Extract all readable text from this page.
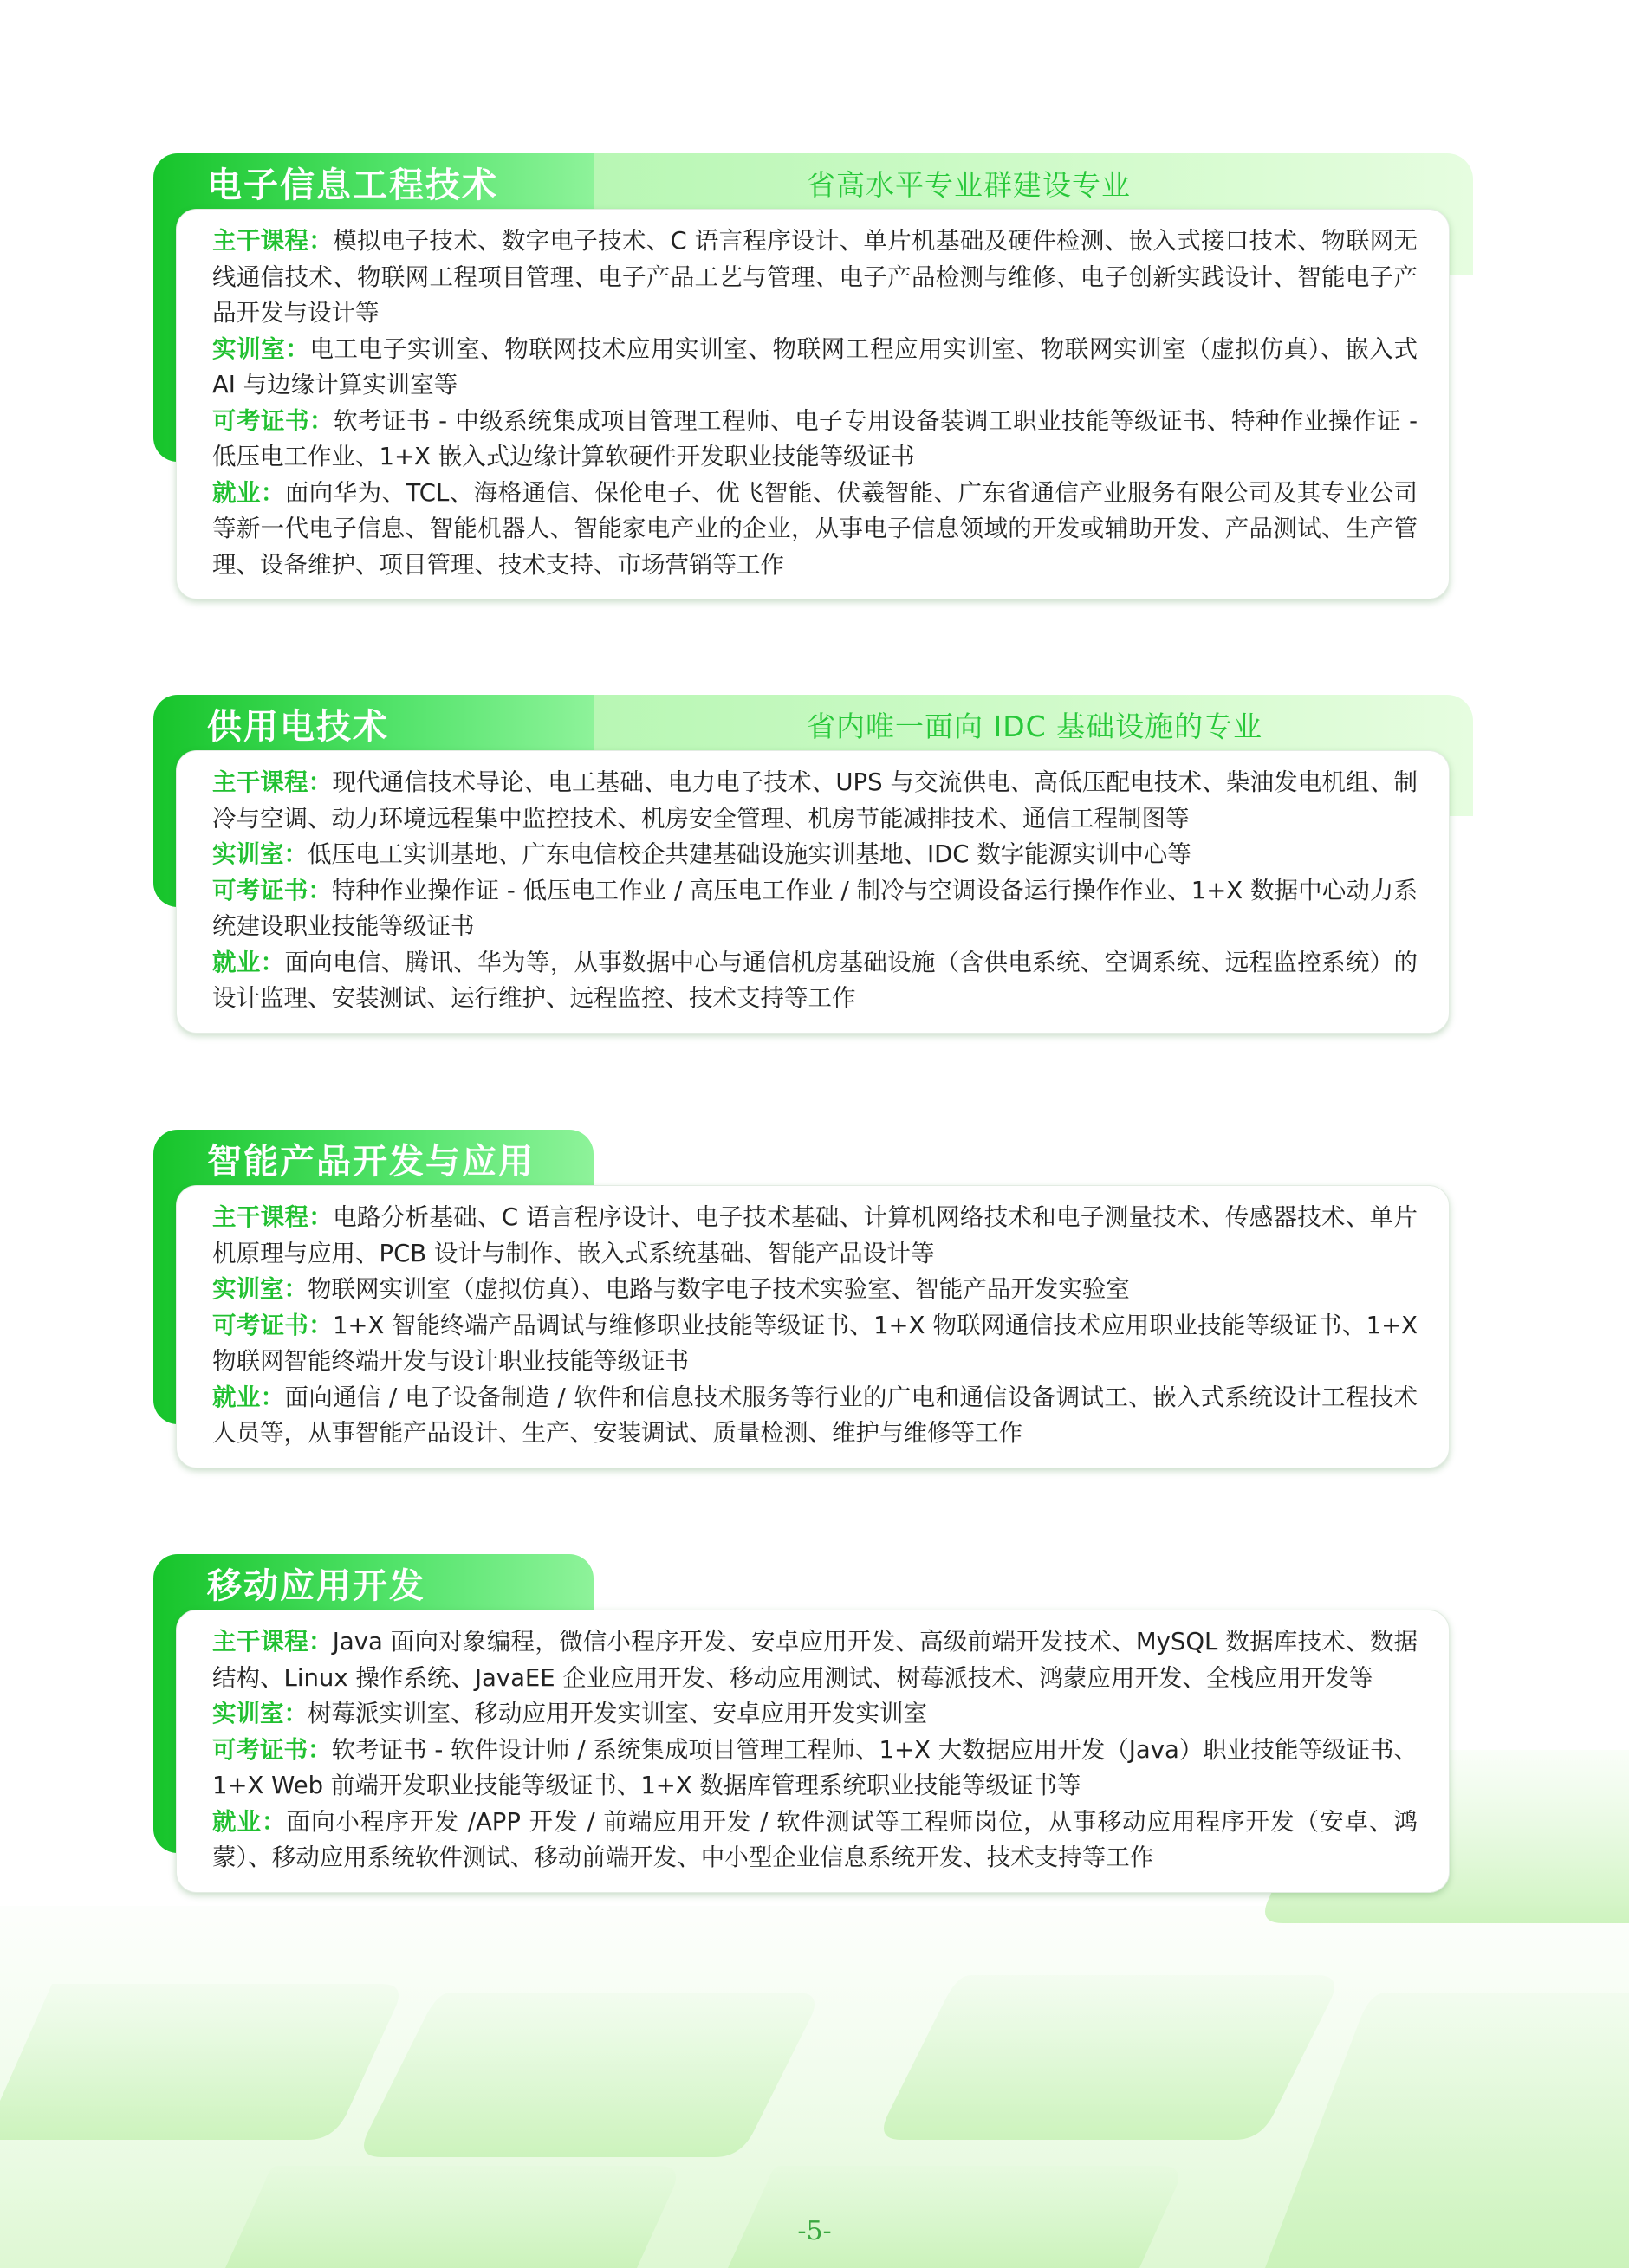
电子信息工程技术	省高水平专业群建设专业

主干课程：模拟电子技术、数字电子技术、C 语言程序设计、单片机基础及硬件检测、嵌入式接口技术、物联网无线通信技术、物联网工程项目管理、电子产品工艺与管理、电子产品检测与维修、电子创新实践设计、智能电子产品开发与设计等

实训室：电工电子实训室、物联网技术应用实训室、物联网工程应用实训室、物联网实训室（虚拟仿真）、嵌入式 AI 与边缘计算实训室等

可考证书：软考证书 - 中级系统集成项目管理工程师、电子专用设备装调工职业技能等级证书、特种作业操作证 - 低压电工作业、1+X 嵌入式边缘计算软硬件开发职业技能等级证书

就业：面向华为、TCL、海格通信、保伦电子、优飞智能、伏羲智能、广东省通信产业服务有限公司及其专业公司等新一代电子信息、智能机器人、智能家电产业的企业，从事电子信息领域的开发或辅助开发、产品测试、生产管理、设备维护、项目管理、技术支持、市场营销等工作

供用电技术	省内唯一面向 IDC 基础设施的专业

主干课程：现代通信技术导论、电工基础、电力电子技术、UPS 与交流供电、高低压配电技术、柴油发电机组、制冷与空调、动力环境远程集中监控技术、机房安全管理、机房节能减排技术、通信工程制图等

实训室：低压电工实训基地、广东电信校企共建基础设施实训基地、IDC 数字能源实训中心等

可考证书：特种作业操作证 - 低压电工作业 / 高压电工作业 / 制冷与空调设备运行操作作业、1+X 数据中心动力系统建设职业技能等级证书

就业：面向电信、腾讯、华为等，从事数据中心与通信机房基础设施（含供电系统、空调系统、远程监控系统）的设计监理、安装测试、运行维护、远程监控、技术支持等工作

智能产品开发与应用

主干课程：电路分析基础、C 语言程序设计、电子技术基础、计算机网络技术和电子测量技术、传感器技术、单片机原理与应用、PCB 设计与制作、嵌入式系统基础、智能产品设计等

实训室：物联网实训室（虚拟仿真）、电路与数字电子技术实验室、智能产品开发实验室

可考证书：1+X 智能终端产品调试与维修职业技能等级证书、1+X 物联网通信技术应用职业技能等级证书、1+X 物联网智能终端开发与设计职业技能等级证书

就业：面向通信 / 电子设备制造 / 软件和信息技术服务等行业的广电和通信设备调试工、嵌入式系统设计工程技术人员等，从事智能产品设计、生产、安装调试、质量检测、维护与维修等工作

移动应用开发

主干课程：Java 面向对象编程，微信小程序开发、安卓应用开发、高级前端开发技术、MySQL 数据库技术、数据结构、Linux 操作系统、JavaEE 企业应用开发、移动应用测试、树莓派技术、鸿蒙应用开发、全栈应用开发等

实训室：树莓派实训室、移动应用开发实训室、安卓应用开发实训室

可考证书：软考证书 - 软件设计师 / 系统集成项目管理工程师、1+X 大数据应用开发（Java）职业技能等级证书、1+X Web 前端开发职业技能等级证书、1+X 数据库管理系统职业技能等级证书等

就业：面向小程序开发 /APP 开发 / 前端应用开发 / 软件测试等工程师岗位，从事移动应用程序开发（安卓、鸿蒙）、移动应用系统软件测试、移动前端开发、中小型企业信息系统开发、技术支持等工作

-5-
